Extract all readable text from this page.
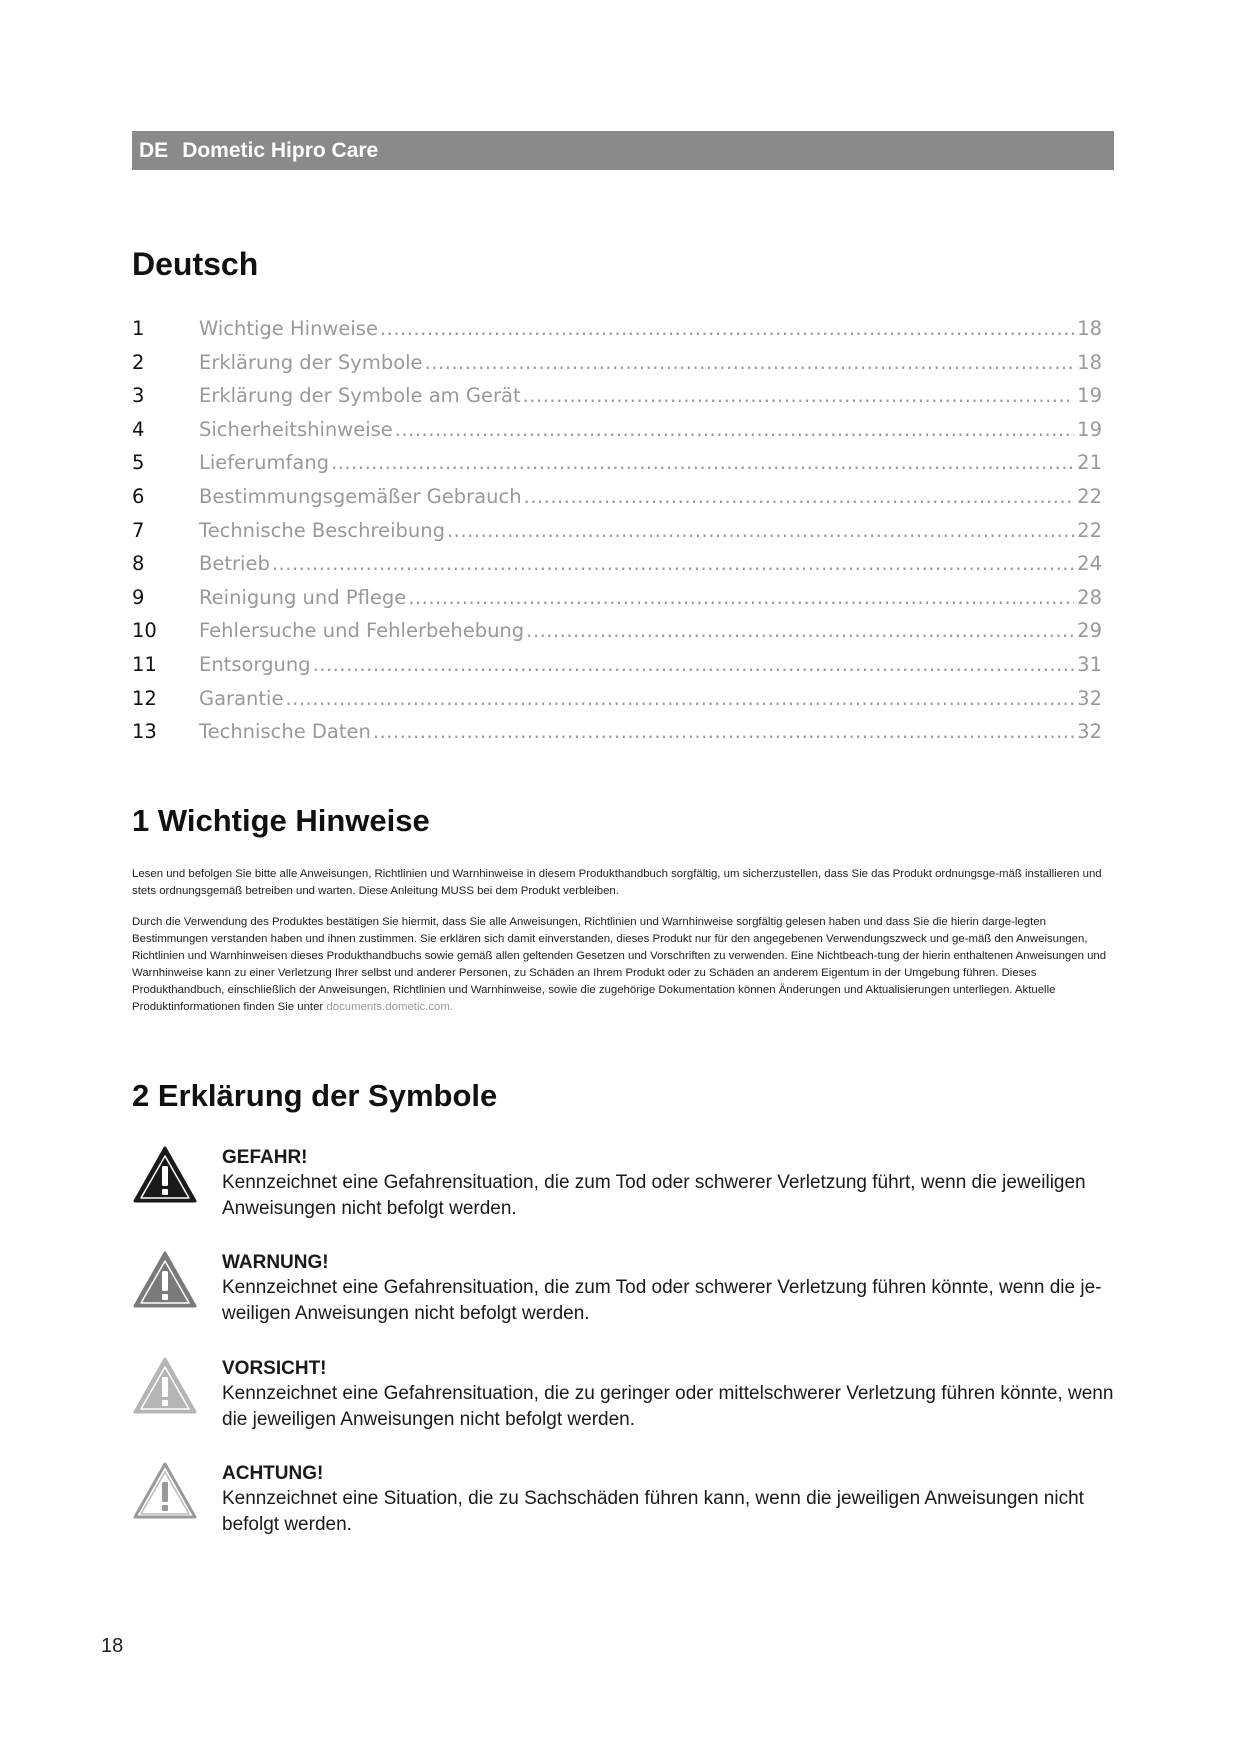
DE Dometic Hipro Care
Deutsch
1	Wichtige Hinweise .....	18
2	Erklärung der Symbole .....	18
3	Erklärung der Symbole am Gerät .....	19
4	Sicherheitshinweise .....	19
5	Lieferumfang .....	21
6	Bestimmungsgemäßer Gebrauch .....	22
7	Technische Beschreibung .....	22
8	Betrieb .....	24
9	Reinigung und Pflege .....	28
10	Fehlersuche und Fehlerbehebung .....	29
11	Entsorgung .....	31
12	Garantie .....	32
13	Technische Daten .....	32
1 Wichtige Hinweise

Lesen und befolgen Sie bitte alle Anweisungen, Richtlinien und Warnhinweise in diesem Produkthandbuch sorgfältig, um sicherzustellen, dass Sie das Produkt ordnungsge-mäß installieren und stets ordnungsgemäß betreiben und warten. Diese Anleitung MUSS bei dem Produkt verbleiben.

Durch die Verwendung des Produktes bestätigen Sie hiermit, dass Sie alle Anweisungen, Richtlinien und Warnhinweise sorgfältig gelesen haben und dass Sie die hierin darge-legten Bestimmungen verstanden haben und ihnen zustimmen. Sie erklären sich damit einverstanden, dieses Produkt nur für den angegebenen Verwendungszweck und ge-mäß den Anweisungen, Richtlinien und Warnhinweisen dieses Produkthandbuchs sowie gemäß allen geltenden Gesetzen und Vorschriften zu verwenden. Eine Nichtbeach-tung der hierin enthaltenen Anweisungen und Warnhinweise kann zu einer Verletzung Ihrer selbst und anderer Personen, zu Schäden an Ihrem Produkt oder zu Schäden an anderem Eigentum in der Umgebung führen. Dieses Produkthandbuch, einschließlich der Anweisungen, Richtlinien und Warnhinweise, sowie die zugehörige Dokumentation können Änderungen und Aktualisierungen unterliegen. Aktuelle Produktinformationen finden Sie unter documents.dometic.com.

2 Erklärung der Symbole
GEFAHR!
Kennzeichnet eine Gefahrensituation, die zum Tod oder schwerer Verletzung führt, wenn die jeweiligen Anweisungen nicht befolgt werden.
WARNUNG!
Kennzeichnet eine Gefahrensituation, die zum Tod oder schwerer Verletzung führen könnte, wenn die je-weiligen Anweisungen nicht befolgt werden.
VORSICHT!
Kennzeichnet eine Gefahrensituation, die zu geringer oder mittelschwerer Verletzung führen könnte, wenn die jeweiligen Anweisungen nicht befolgt werden.
ACHTUNG!
Kennzeichnet eine Situation, die zu Sachschäden führen kann, wenn die jeweiligen Anweisungen nicht befolgt werden.
18
